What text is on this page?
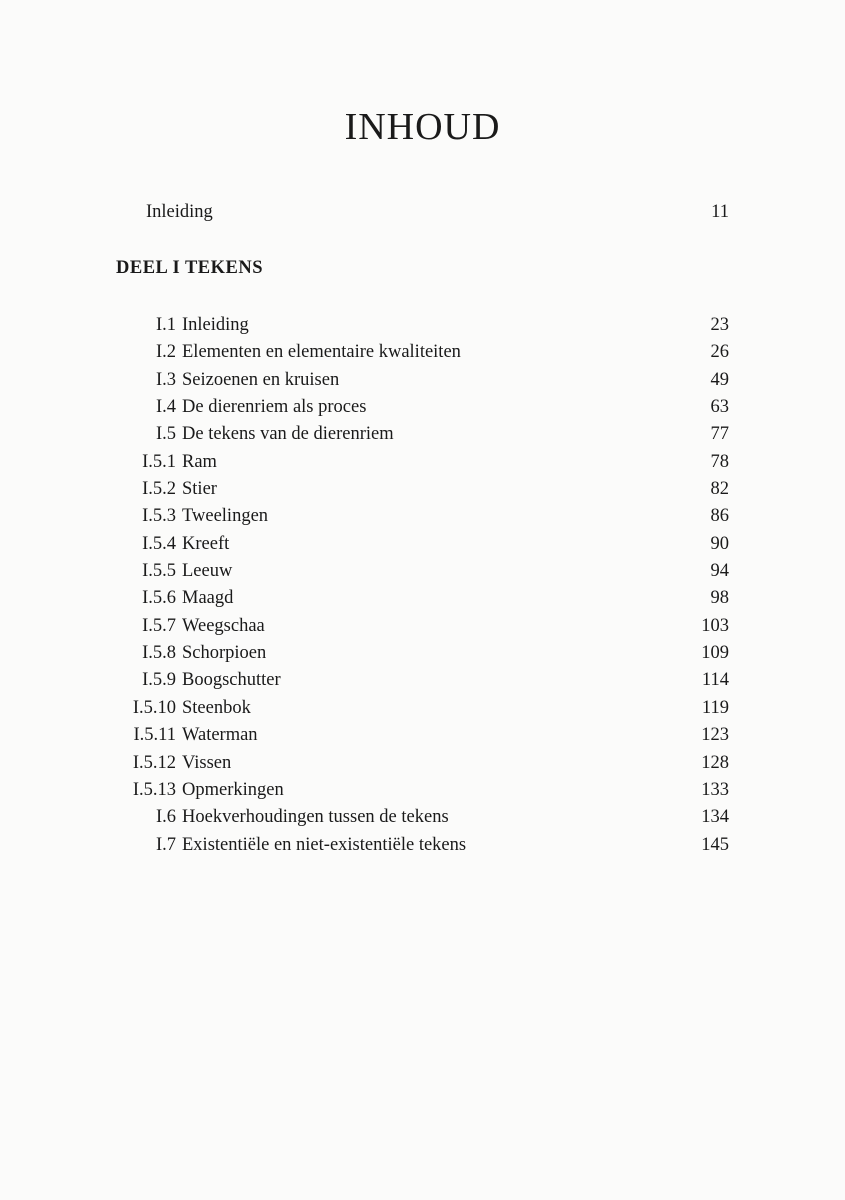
INHOUD
Inleiding	11
DEEL I TEKENS
I.1 Inleiding	23
I.2 Elementen en elementaire kwaliteiten	26
I.3 Seizoenen en kruisen	49
I.4 De dierenriem als proces	63
I.5 De tekens van de dierenriem	77
I.5.1 Ram	78
I.5.2 Stier	82
I.5.3 Tweelingen	86
I.5.4 Kreeft	90
I.5.5 Leeuw	94
I.5.6 Maagd	98
I.5.7 Weegschaa	103
I.5.8 Schorpioen	109
I.5.9 Boogschutter	114
I.5.10 Steenbok	119
I.5.11 Waterman	123
I.5.12 Vissen	128
I.5.13 Opmerkingen	133
I.6 Hoekverhoudingen tussen de tekens	134
I.7 Existentiële en niet-existentiële tekens	145
